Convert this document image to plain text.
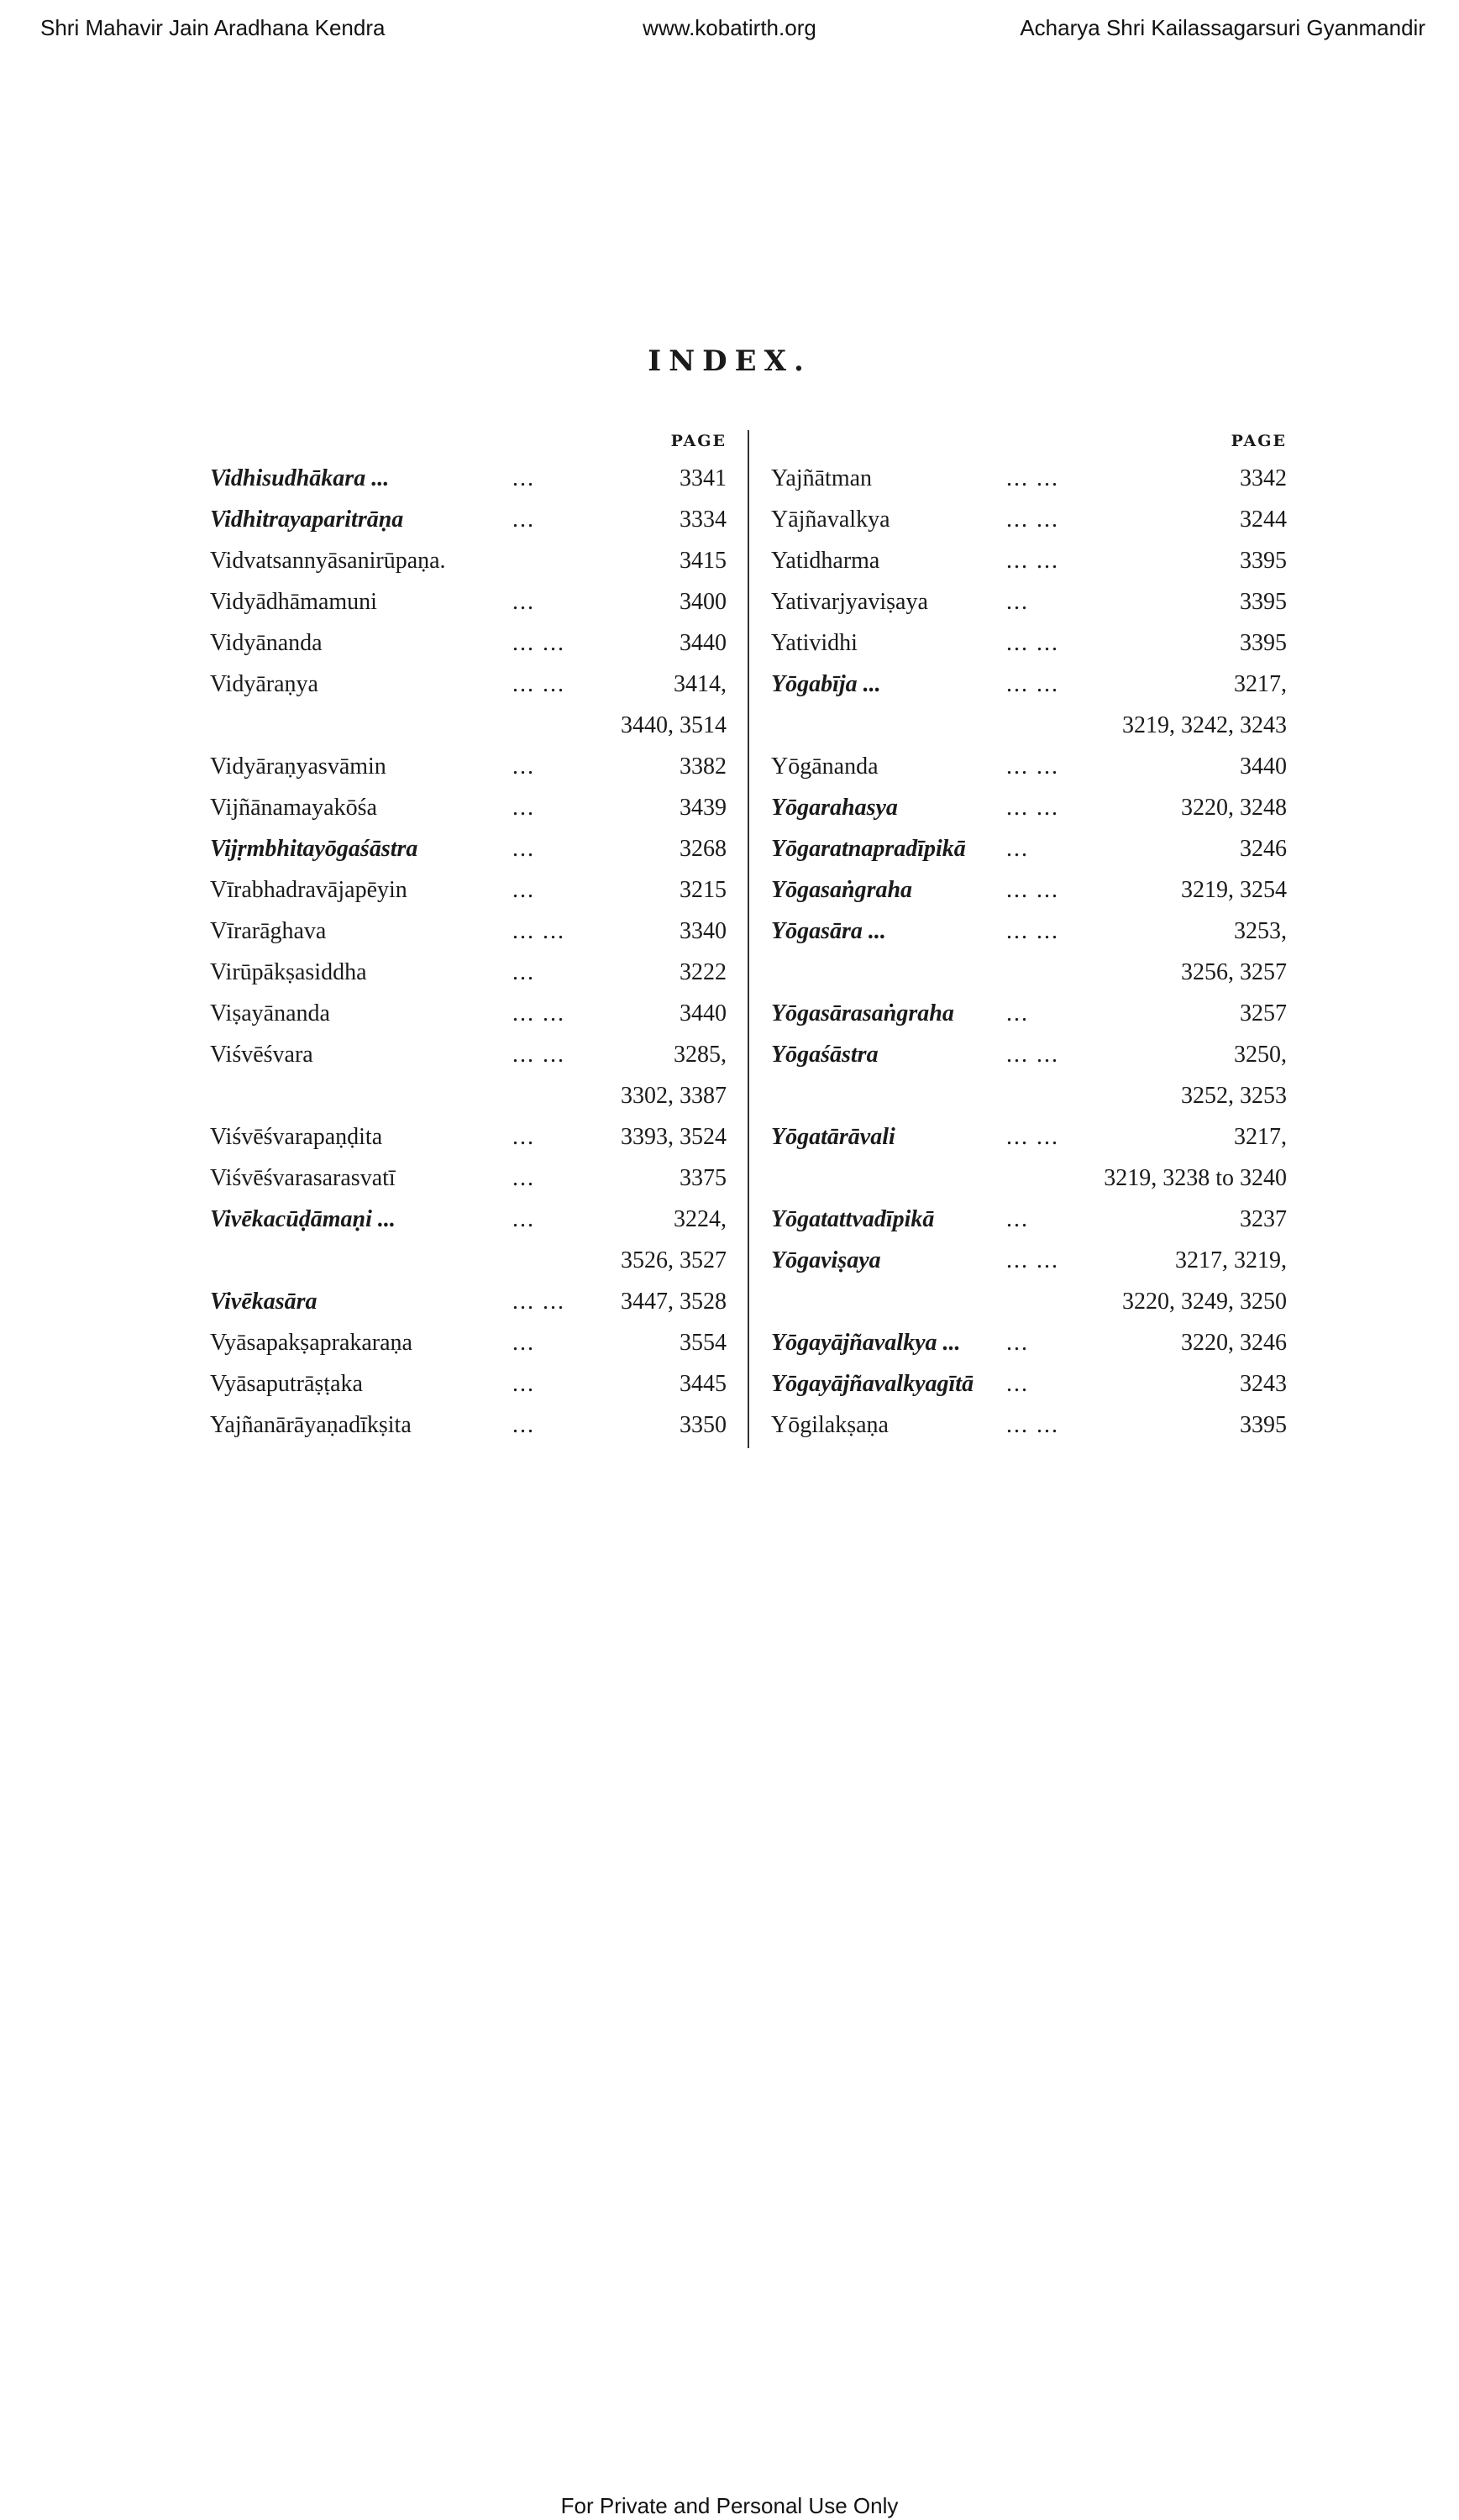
Shri Mahavir Jain Aradhana Kendra	www.kobatirth.org	Acharya Shri Kailassagarsuri Gyanmandir
INDEX.
PAGE
Vidhisudhākara ...	...	3341
Vidhitrayaparitrāṇa	...	3334
Vidvatsannyāsanirūpaṇa.	3415
Vidyādhāmamuni	...	3400
Vidyānanda	... ...	3440
Vidyāraṇya	... ...	3414,
3440, 3514
Vidyāraṇyasvāmin	...	3382
Vijñānamayakōśa	...	3439
Vijṛmbhitayōgaśāstra	...	3268
Vīrabhadravājapēyin	...	3215
Vīrarāghava	... ...	3340
Virūpākṣasiddha	...	3222
Viṣayānanda	... ...	3440
Viśvēśvara	... ...	3285,
3302, 3387
Viśvēśvarapaṇḍita	...	3393, 3524
Viśvēśvarasarasvatī	...	3375
Vivēkacūḍāmaṇi ...	...	3224,
3526, 3527
Vivēkasāra	... ... 3447, 3528
Vyāsapakṣaprakaraṇa	...	3554
Vyāsaputrāṣṭaka	...	3445
Yajñanārāyaṇadīkṣita	...	3350
PAGE
Yajñātman	... ...	3342
Yājñavalkya	... ...	3244
Yatidharma	... ...	3395
Yativarjyaviṣaya	...	3395
Yatividhi	... ...	3395
Yōgabīja ...	... ...	3217,
3219, 3242, 3243
Yōgānanda	... ...	3440
Yōgarahasya	... ...	3220, 3248
Yōgaratnapradīpikā ...	3246
Yōgasaṅgraha	... ...	3219, 3254
Yōgasāra ...	... ...	3253,
3256, 3257
Yōgasārasaṅgraha ...	3257
Yōgaśāstra	... ...	3250,
3252, 3253
Yōgatārāvali	... ...	3217,
3219, 3238 to 3240
Yōgatattvadīpikā	...	3237
Yōgaviṣaya	... ...	3217, 3219,
3220, 3249, 3250
Yōgayājñavalkya ... ...	3220, 3246
Yōgayājñavalkyagītā ...	3243
Yōgilakṣaṇa	... ...	3395
For Private and Personal Use Only
